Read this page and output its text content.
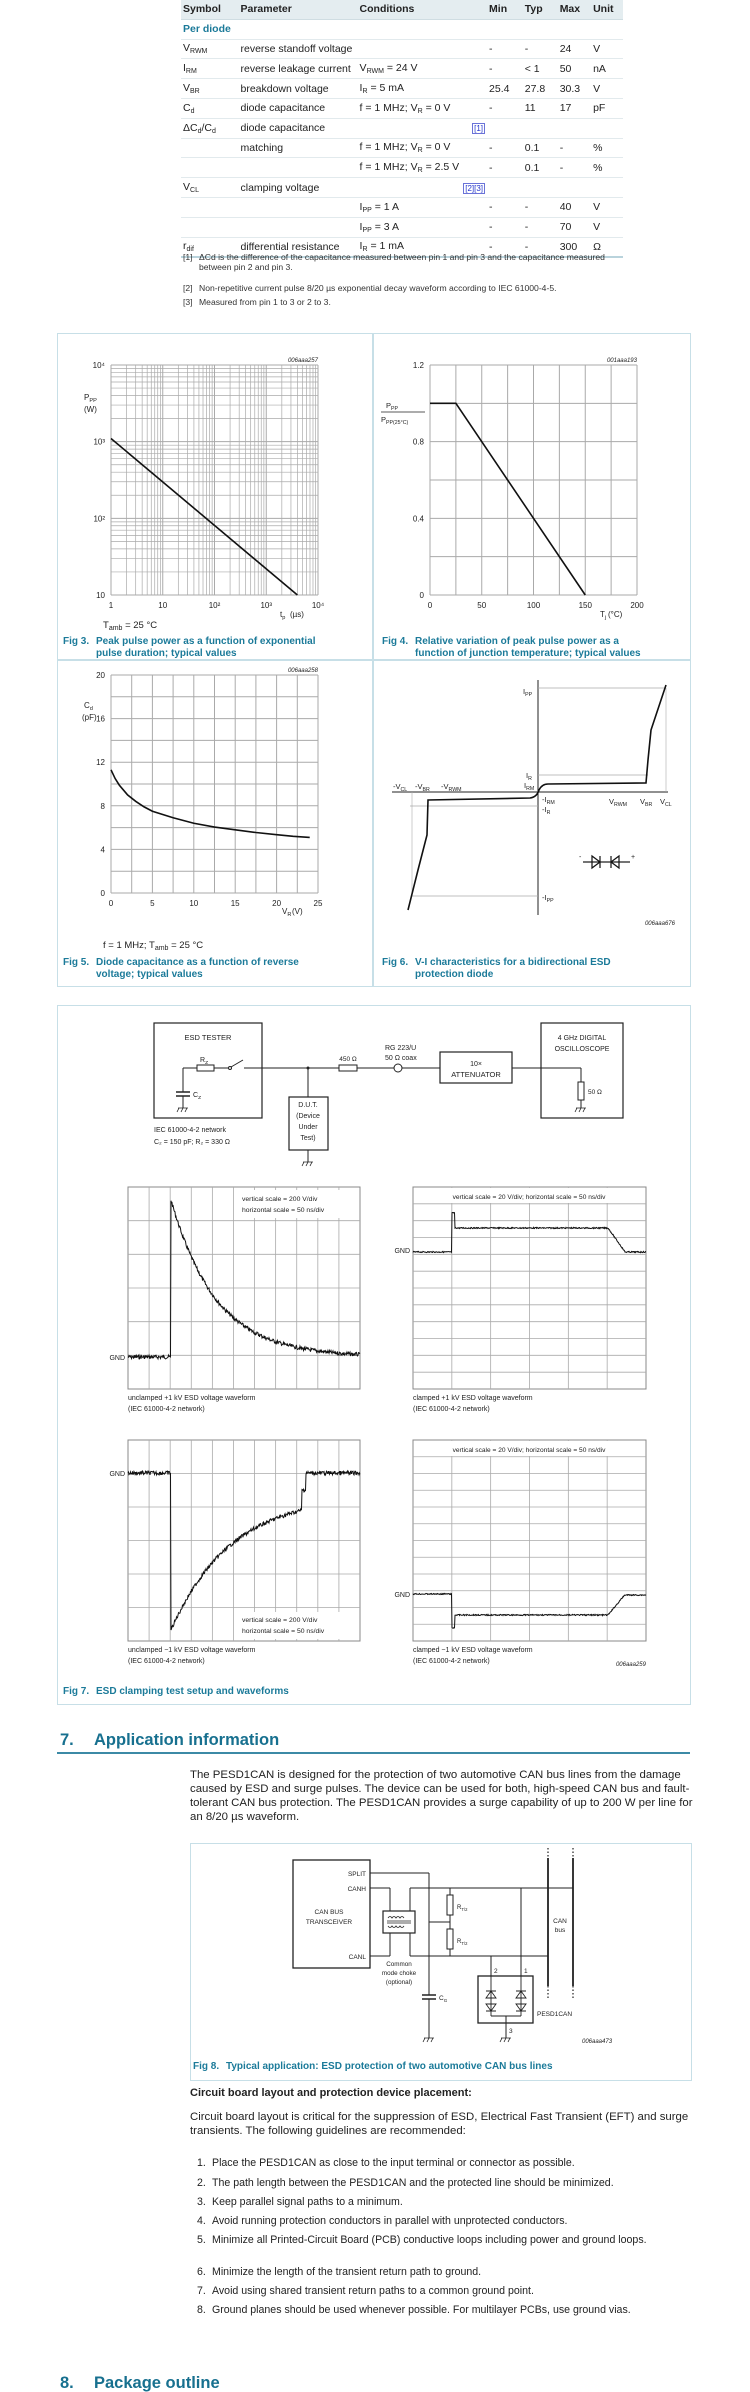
Symbol	Parameter	Conditions	Min	Typ	Max	Unit
Per diode						
$V_{RWM}$	reverse standoff voltage		-	-	24	V
$I_{RM}$	reverse leakage current	$V_{RWM} = 24$ V	-	< 1	50	nA
$V_{BR}$	breakdown voltage	$I_R = 5$ mA	25.4	27.8	30.3	V
$C_d$	diode capacitance	f = 1 MHz; $V_R = 0$ V	-	11	17	pF
$\Delta C_d/C_d$	diode capacitance	[1]				
	matching	f = 1 MHz; $V_R = 0$ V	-	0.1	-	%
		f = 1 MHz; $V_R = 2.5$ V	-	0.1	-	%
$V_{CL}$	clamping voltage	[2][3]				
		$I_{PP} = 1$ A	-	-	40	V
		$I_{PP} = 3$ A	-	-	70	V
$r_{dif}$	differential resistance	$I_R = 1$ mA	-	-	300	Ω
[1] ΔCd is the difference of the capacitance measured between pin 1 and pin 3 and the capacitance measured
between pin 2 and pin 3.
[2] Non-repetitive current pulse 8/20 µs exponential decay waveform according to IEC 61000-4-5.
[3] Measured from pin 1 to 3 or 2 to 3.
1	10	10²	10³	10⁴
10
10²
10³
10⁴
$P_{PP}$
(W)
$t_p$ (µs)
006aaa257
0	50	100	150	200
0
0.4
0.8
1.2	001aaa193
$P_{PP}$
$P_{PP(25^\circ C)}$
$T_j$ (°C)
0	5	10	15	20	25
0
4
8
12
16
20	006aaa258
$C_d$
(pF)
$V_R$ (V)
$I_{PP}$
$-I_{PP}$
$I_R$
$I_{RM}$
$-I_{RM}$
$-I_R$
$-V_{CL}$ $-V_{BR}$ $-V_{RWM}$
$V_{RWM}$ $V_{BR}$ $V_{CL}$
-	+
006aaa676
ESD TESTER
$R_Z$
$C_Z$
IEC 61000-4-2 network
C₂ = 150 pF; R₂ = 330 Ω
D.U.T.
(Device
Under
Test)
450 Ω
RG 223/U
50 Ω coax
10×
ATTENUATOR
50 Ω
4 GHz DIGITAL
OSCILLOSCOPE
vertical scale = 200 V/div
horizontal scale = 50 ns/div
GND
unclamped +1 kV ESD voltage waveform
(IEC 61000-4-2 network)
vertical scale = 20 V/div; horizontal scale = 50 ns/div
GND
clamped +1 kV ESD voltage waveform
(IEC 61000-4-2 network)
vertical scale = 200 V/div
horizontal scale = 50 ns/div
GND
unclamped −1 kV ESD voltage waveform
(IEC 61000-4-2 network)
vertical scale = 20 V/div; horizontal scale = 50 ns/div
GND
clamped −1 kV ESD voltage waveform
(IEC 61000-4-2 network)	006aaa259
SPLIT
CANH
CANL
CAN BUS
TRANSCEIVER
Common
mode choke
(optional)
$R_{T/2}$
$R_{T/2}$
$C_G$
2	1
3
PESD1CAN
CAN
bus
006aaa473
$T_{amb} = 25$ °C
Fig 3. Peak pulse power as a function of exponential
pulse duration; typical values
Fig 4. Relative variation of peak pulse power as a
function of junction temperature; typical values
f = 1 MHz; $T_{amb} = 25$ °C
Fig 5. Diode capacitance as a function of reverse
voltage; typical values
Fig 6. V-I characteristics for a bidirectional ESD
protection diode
Fig 7. ESD clamping test setup and waveforms
7. Application information
The PESD1CAN is designed for the protection of two automotive CAN bus lines from the damage caused by ESD and surge pulses. The device can be used for both, high-speed CAN bus and fault-tolerant CAN bus protection. The PESD1CAN provides a surge capability of up to 200 W per line for an 8/20 µs waveform.
Fig 8. Typical application: ESD protection of two automotive CAN bus lines
Circuit board layout and protection device placement:
Circuit board layout is critical for the suppression of ESD, Electrical Fast Transient (EFT) and surge transients. The following guidelines are recommended:
1. Place the PESD1CAN as close to the input terminal or connector as possible.
2. The path length between the PESD1CAN and the protected line should be minimized.
3. Keep parallel signal paths to a minimum.
4. Avoid running protection conductors in parallel with unprotected conductors.
5. Minimize all Printed-Circuit Board (PCB) conductive loops including power and ground loops.
6. Minimize the length of the transient return path to ground.
7. Avoid using shared transient return paths to a common ground point.
8. Ground planes should be used whenever possible. For multilayer PCBs, use ground vias.
8. Package outline
